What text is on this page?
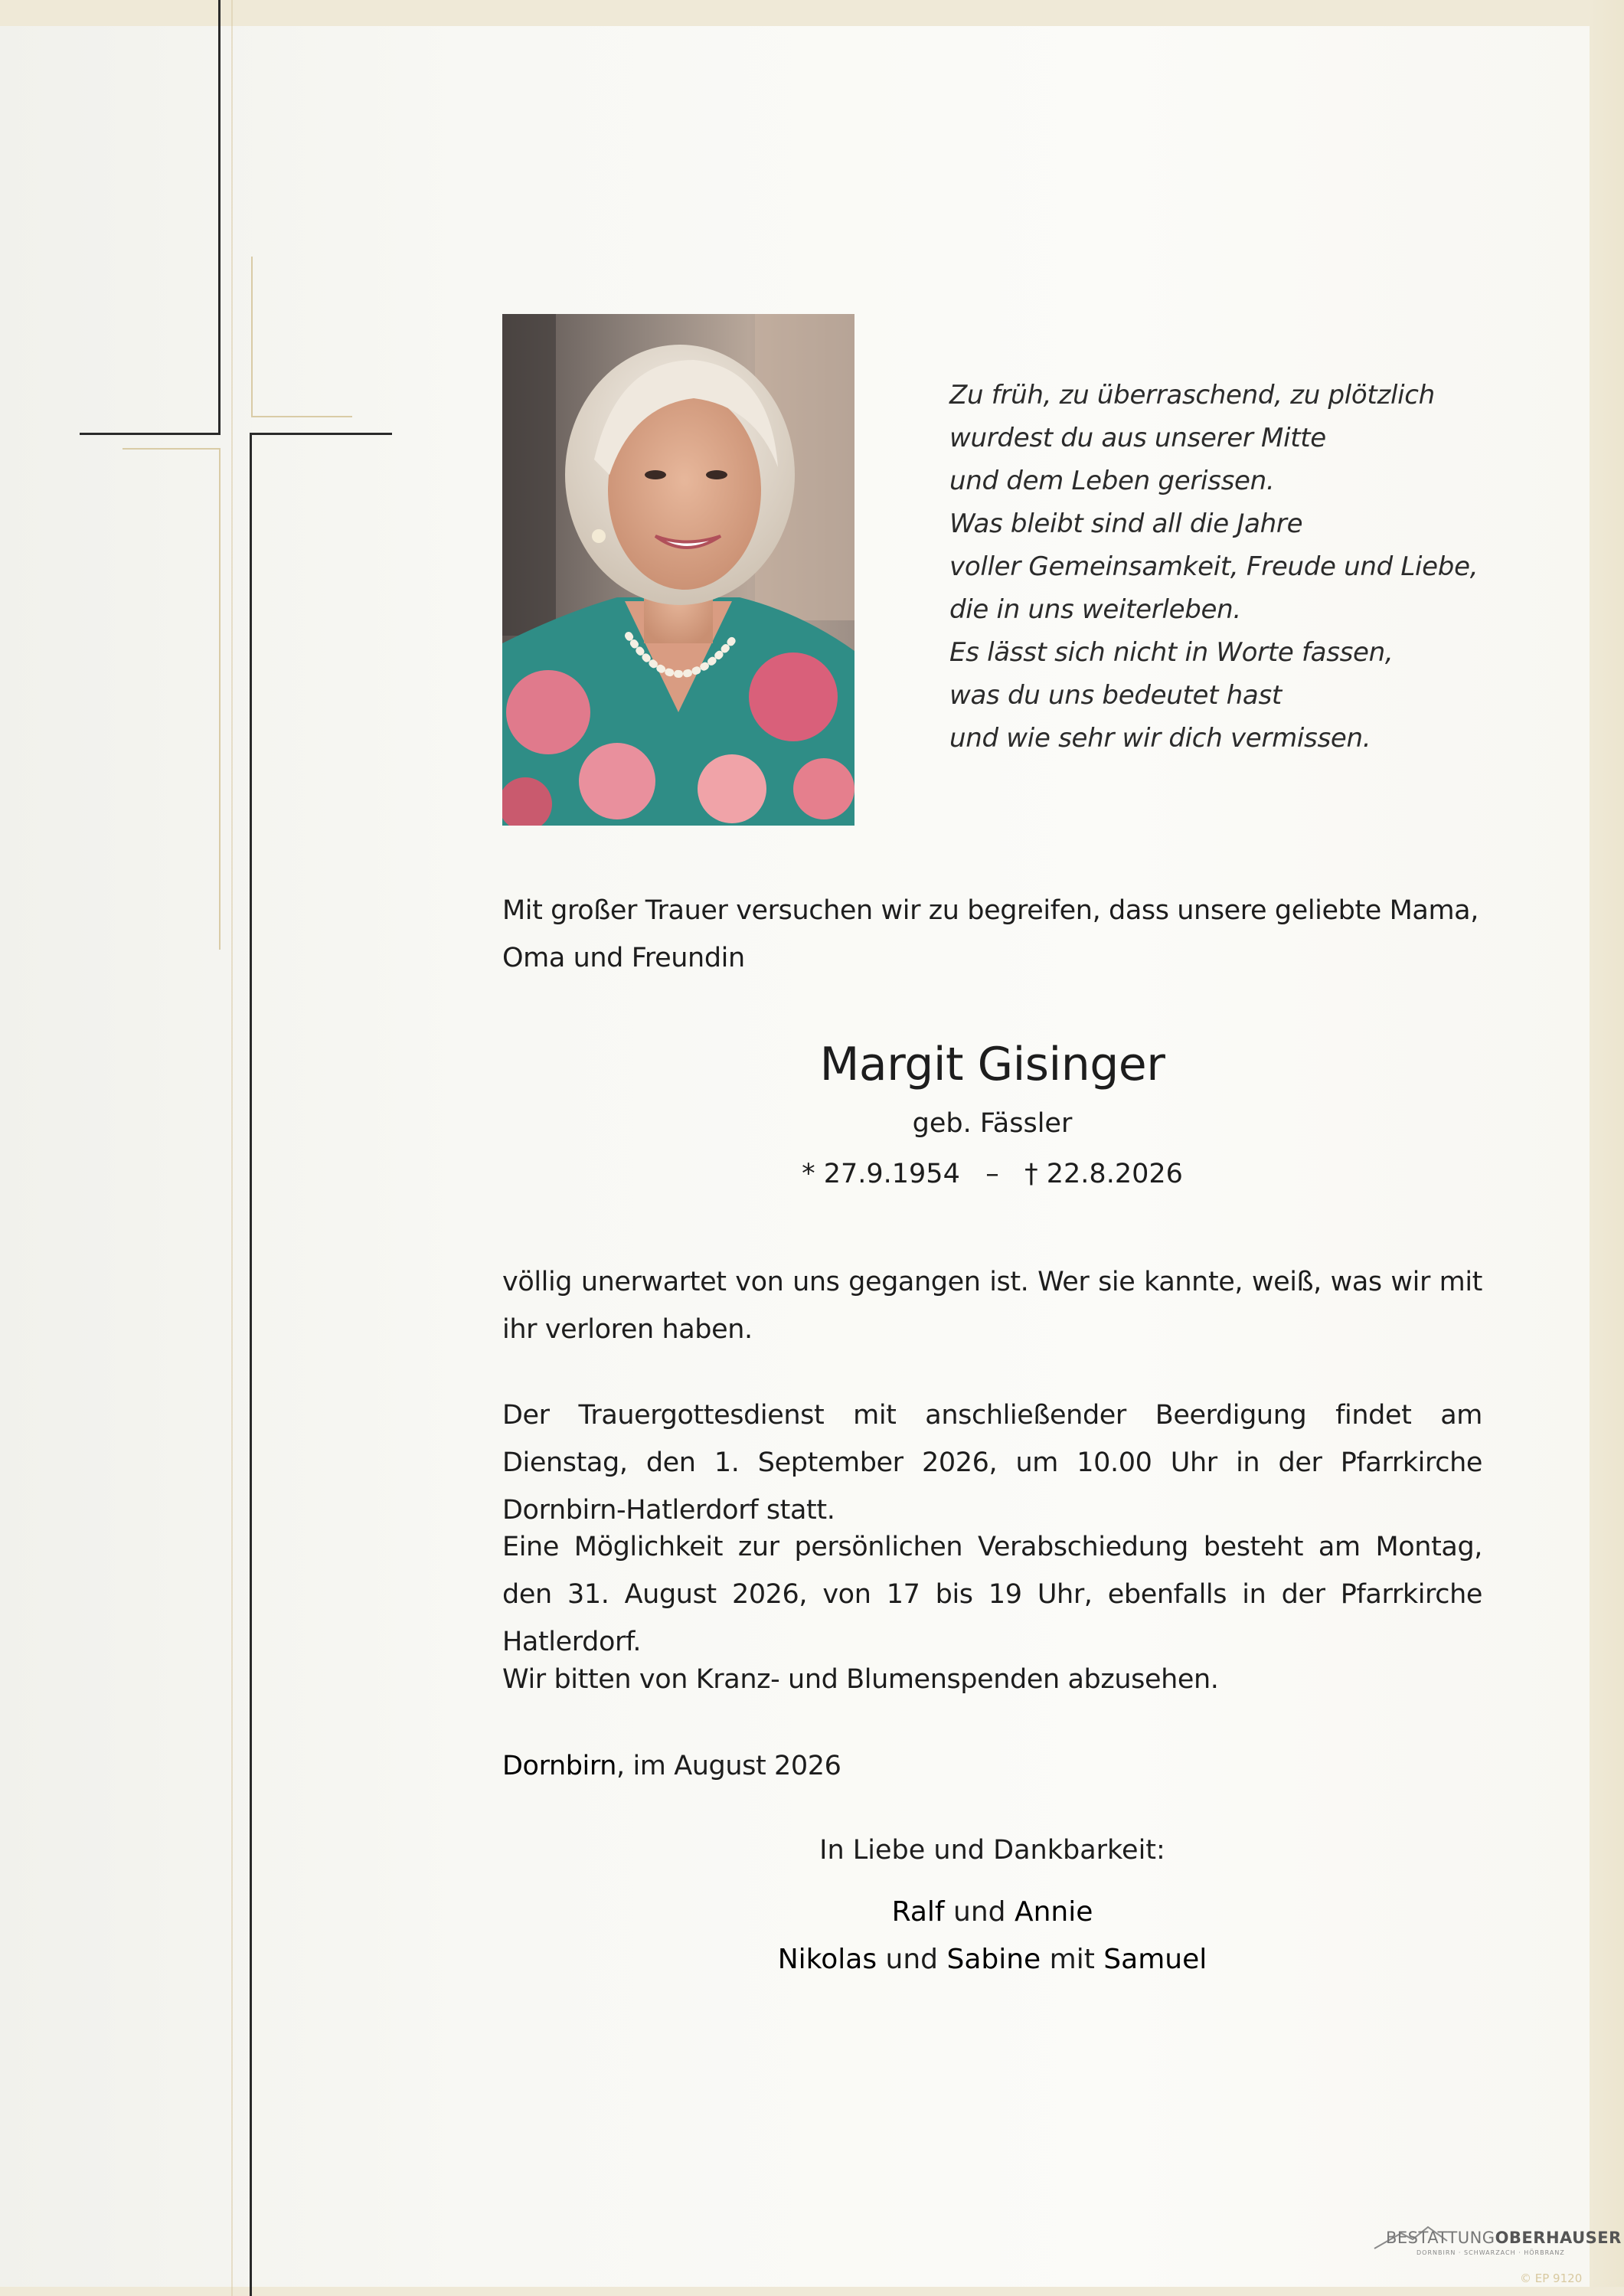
Zu früh, zu überraschend, zu plötzlich
wurdest du aus unserer Mitte
und dem Leben gerissen.
Was bleibt sind all die Jahre
voller Gemeinsamkeit, Freude und Liebe,
die in uns weiterleben.
Es lässt sich nicht in Worte fassen,
was du uns bedeutet hast
und wie sehr wir dich vermissen.
Mit großer Trauer versuchen wir zu begreifen, dass unsere geliebte Mama, Oma und Freundin
Margit Gisinger
geb. Fässler
* 27.9.1954 – † 22.8.2026
völlig unerwartet von uns gegangen ist. Wer sie kannte, weiß, was wir mit ihr verloren haben.
Der Trauergottesdienst mit anschließender Beerdigung findet am Dienstag, den 1. September 2026, um 10.00 Uhr in der Pfarrkirche Dornbirn-Hatlerdorf statt.
Eine Möglichkeit zur persönlichen Verabschiedung besteht am Montag, den 31. August 2026, von 17 bis 19 Uhr, ebenfalls in der Pfarrkirche Hatlerdorf.
Wir bitten von Kranz- und Blumenspenden abzusehen.
Dornbirn, im August 2026
In Liebe und Dankbarkeit:
Ralf und Annie
Nikolas und Sabine mit Samuel
BESTATTUNGOBERHAUSER
DORNBIRN · SCHWARZACH · HÖRBRANZ
© EP 9120
